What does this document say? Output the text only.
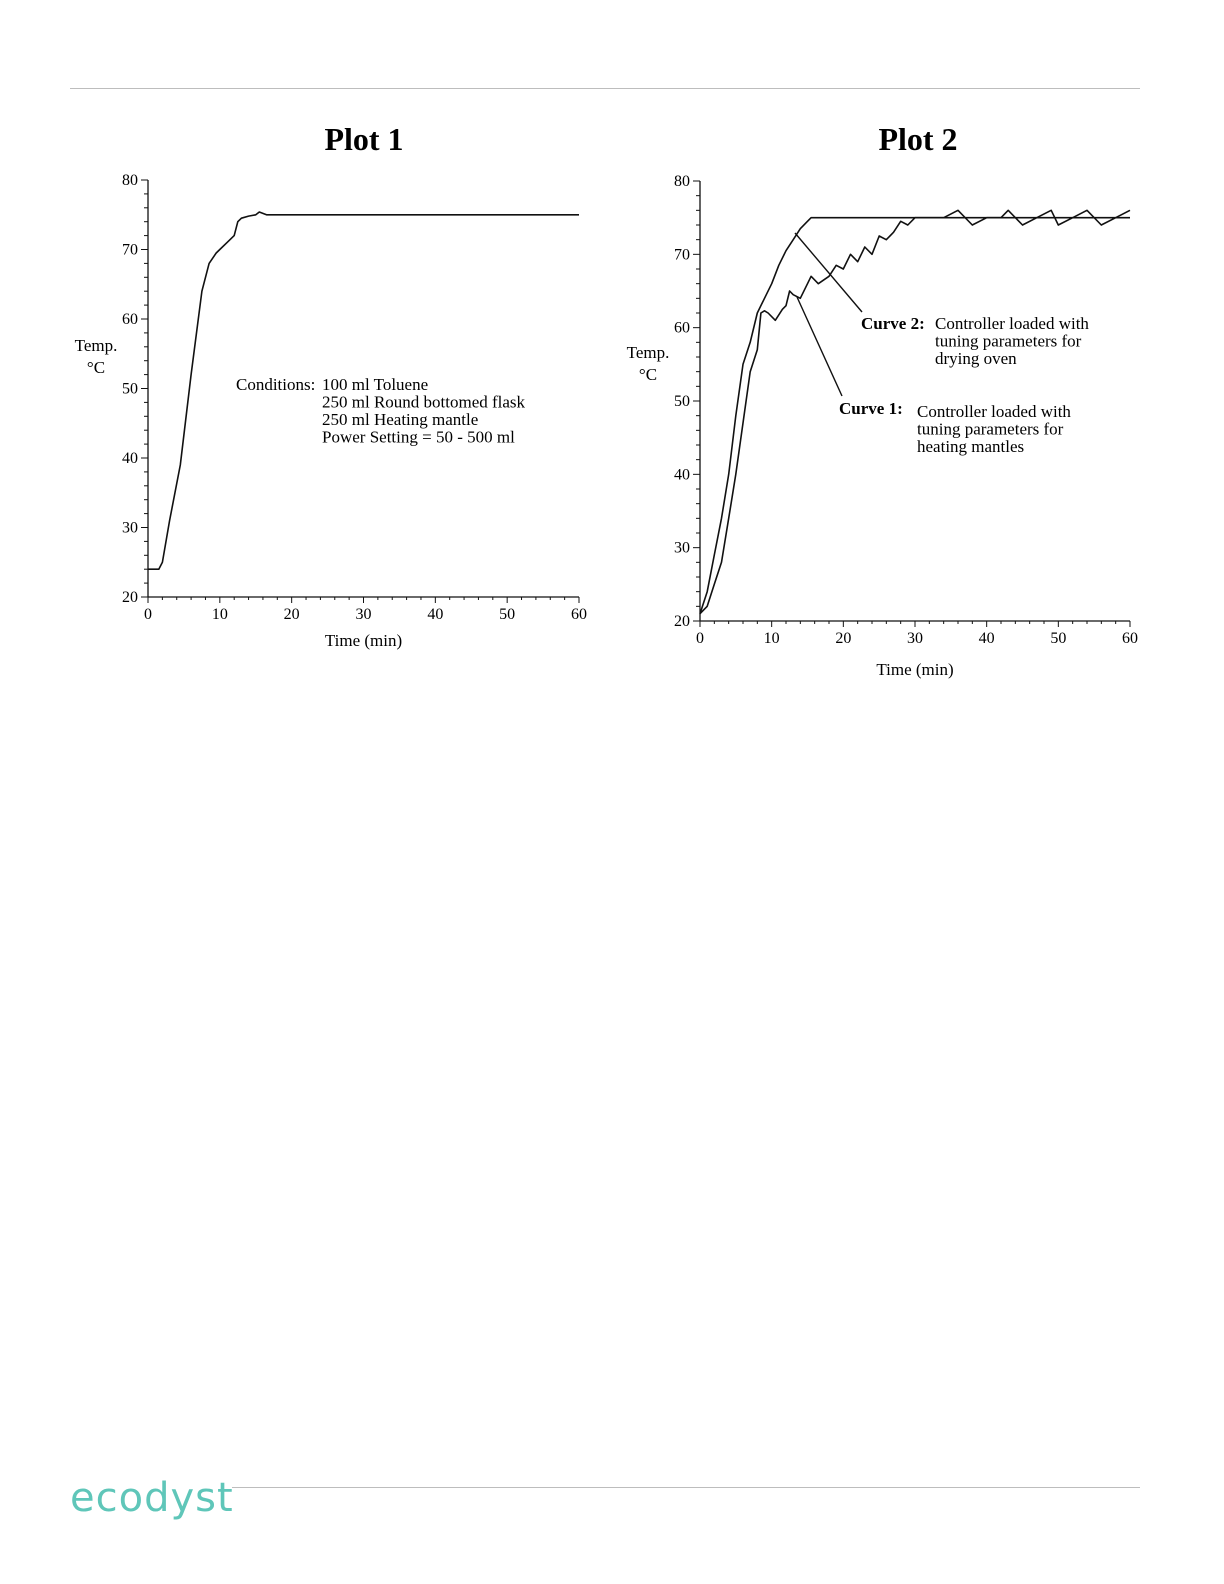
Plot 1
20
30
40
50
60
70
80
0	10	20	30	40	50	60
Time (min)
Temp.
°C
Conditions: 100 ml Toluene
250 ml Round bottomed flask
250 ml Heating mantle
Power Setting = 50 - 500 ml
Plot 2
20
30
40
50
60
70
80
0	10	20	30	40	50	60
Time (min)
Temp.
°C
Curve 2: Controller loaded with
tuning parameters for
drying oven
Curve 1: Controller loaded with
tuning parameters for
heating mantles
ecodyst
